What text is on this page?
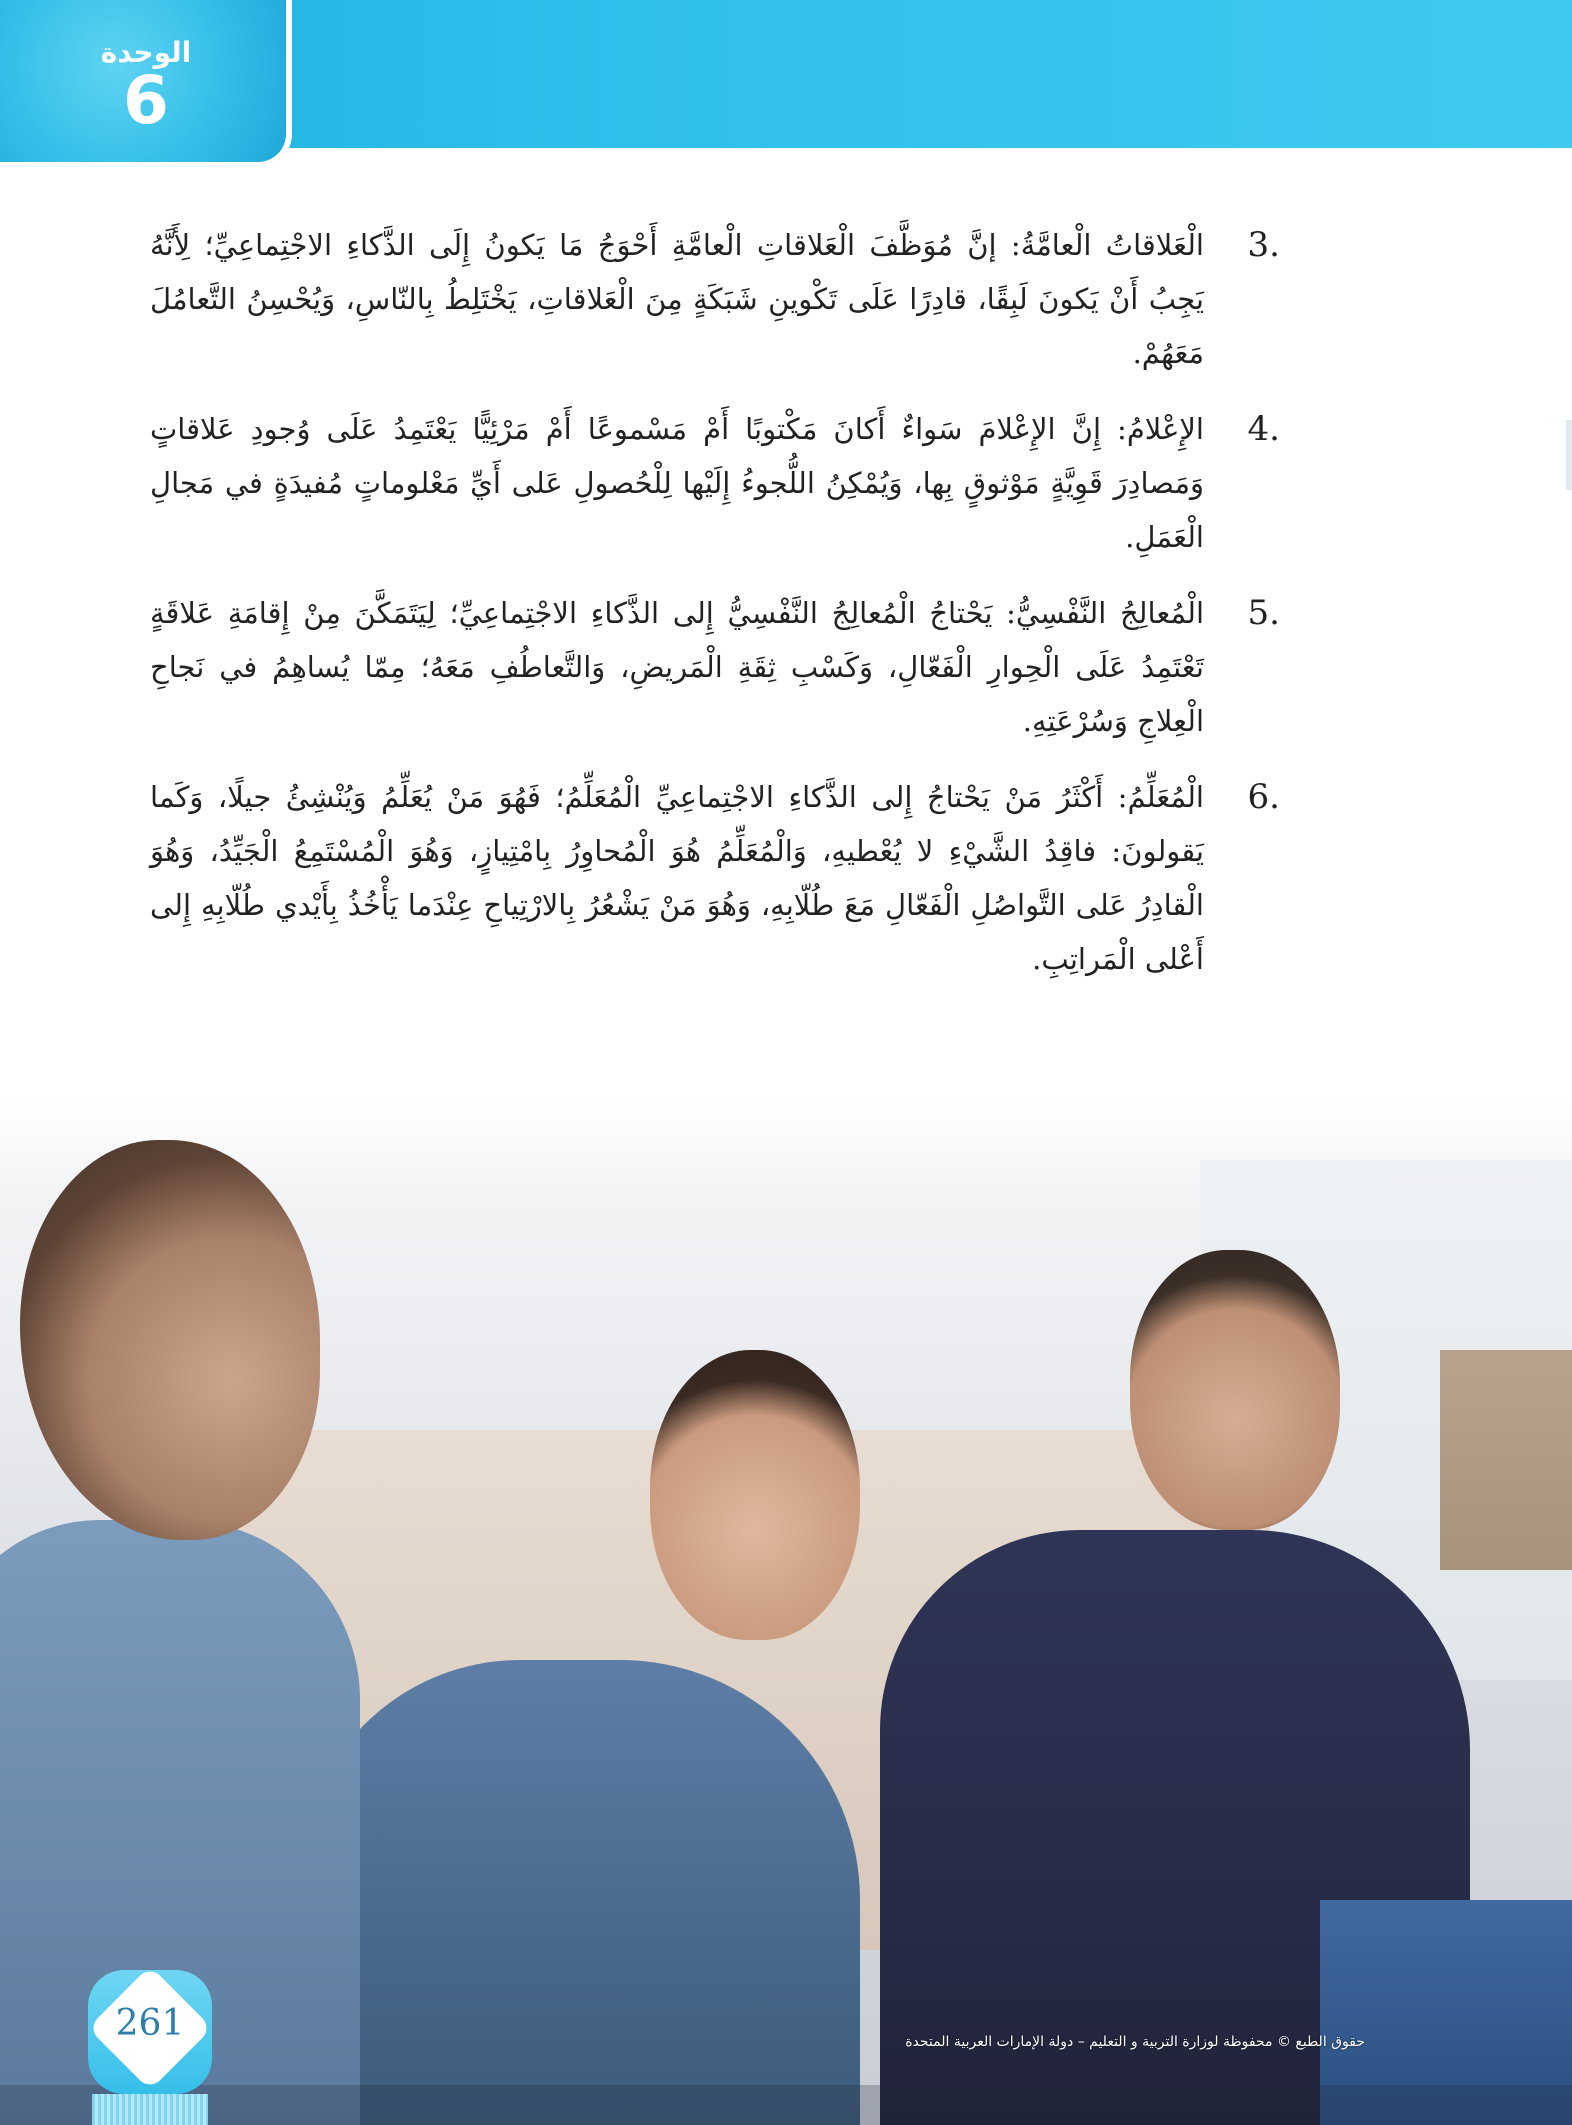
الوحدة
6
3.
الْعَلاقاتُ الْعامَّةُ: إنَّ مُوَظَّفَ الْعَلاقاتِ الْعامَّةِ أَحْوَجُ مَا يَكونُ إِلَى الذَّكاءِ الاجْتِماعِيِّ؛ لِأَنَّهُ يَجِبُ أَنْ يَكونَ لَبِقًا، قادِرًا عَلَى تَكْوينِ شَبَكَةٍ مِنَ الْعَلاقاتِ، يَخْتَلِطُ بِالنّاسِ، وَيُحْسِنُ التَّعامُلَ مَعَهُمْ.
4.
الإِعْلامُ: إِنَّ الإِعْلامَ سَواءٌ أَكانَ مَكْتوبًا أَمْ مَسْموعًا أَمْ مَرْئِيًّا يَعْتَمِدُ عَلَى وُجودِ عَلاقاتٍ وَمَصادِرَ قَوِيَّةٍ مَوْثوقٍ بِها، وَيُمْكِنُ اللُّجوءُ إِلَيْها لِلْحُصولِ عَلى أَيِّ مَعْلوماتٍ مُفيدَةٍ في مَجالِ الْعَمَلِ.
5.
الْمُعالِجُ النَّفْسِيُّ: يَحْتاجُ الْمُعالِجُ النَّفْسِيُّ إِلى الذَّكاءِ الاجْتِماعِيِّ؛ لِيَتَمَكَّنَ مِنْ إِقامَةِ عَلاقَةٍ تَعْتَمِدُ عَلَى الْحِوارِ الْفَعّالِ، وَكَسْبِ ثِقَةِ الْمَريضِ، وَالتَّعاطُفِ مَعَهُ؛ مِمّا يُساهِمُ في نَجاحِ الْعِلاجِ وَسُرْعَتِهِ.
6.
الْمُعَلِّمُ: أَكْثَرُ مَنْ يَحْتاجُ إِلى الذَّكاءِ الاجْتِماعِيِّ الْمُعَلِّمُ؛ فَهُوَ مَنْ يُعَلِّمُ وَيُنْشِئُ جيلًا، وَكَما يَقولونَ: فاقِدُ الشَّيْءِ لا يُعْطيهِ، وَالْمُعَلِّمُ هُوَ الْمُحاوِرُ بِامْتِيازٍ، وَهُوَ الْمُسْتَمِعُ الْجَيِّدُ، وَهُوَ الْقادِرُ عَلى التَّواصُلِ الْفَعّالِ مَعَ طُلّابِهِ، وَهُوَ مَنْ يَشْعُرُ بِالارْتِياحِ عِنْدَما يَأْخُذُ بِأَيْدي طُلّابِهِ إِلى أَعْلى الْمَراتِبِ.
حقوق الطبع © محفوظة لوزارة التربية و التعليم – دولة الإمارات العربية المتحدة
261
